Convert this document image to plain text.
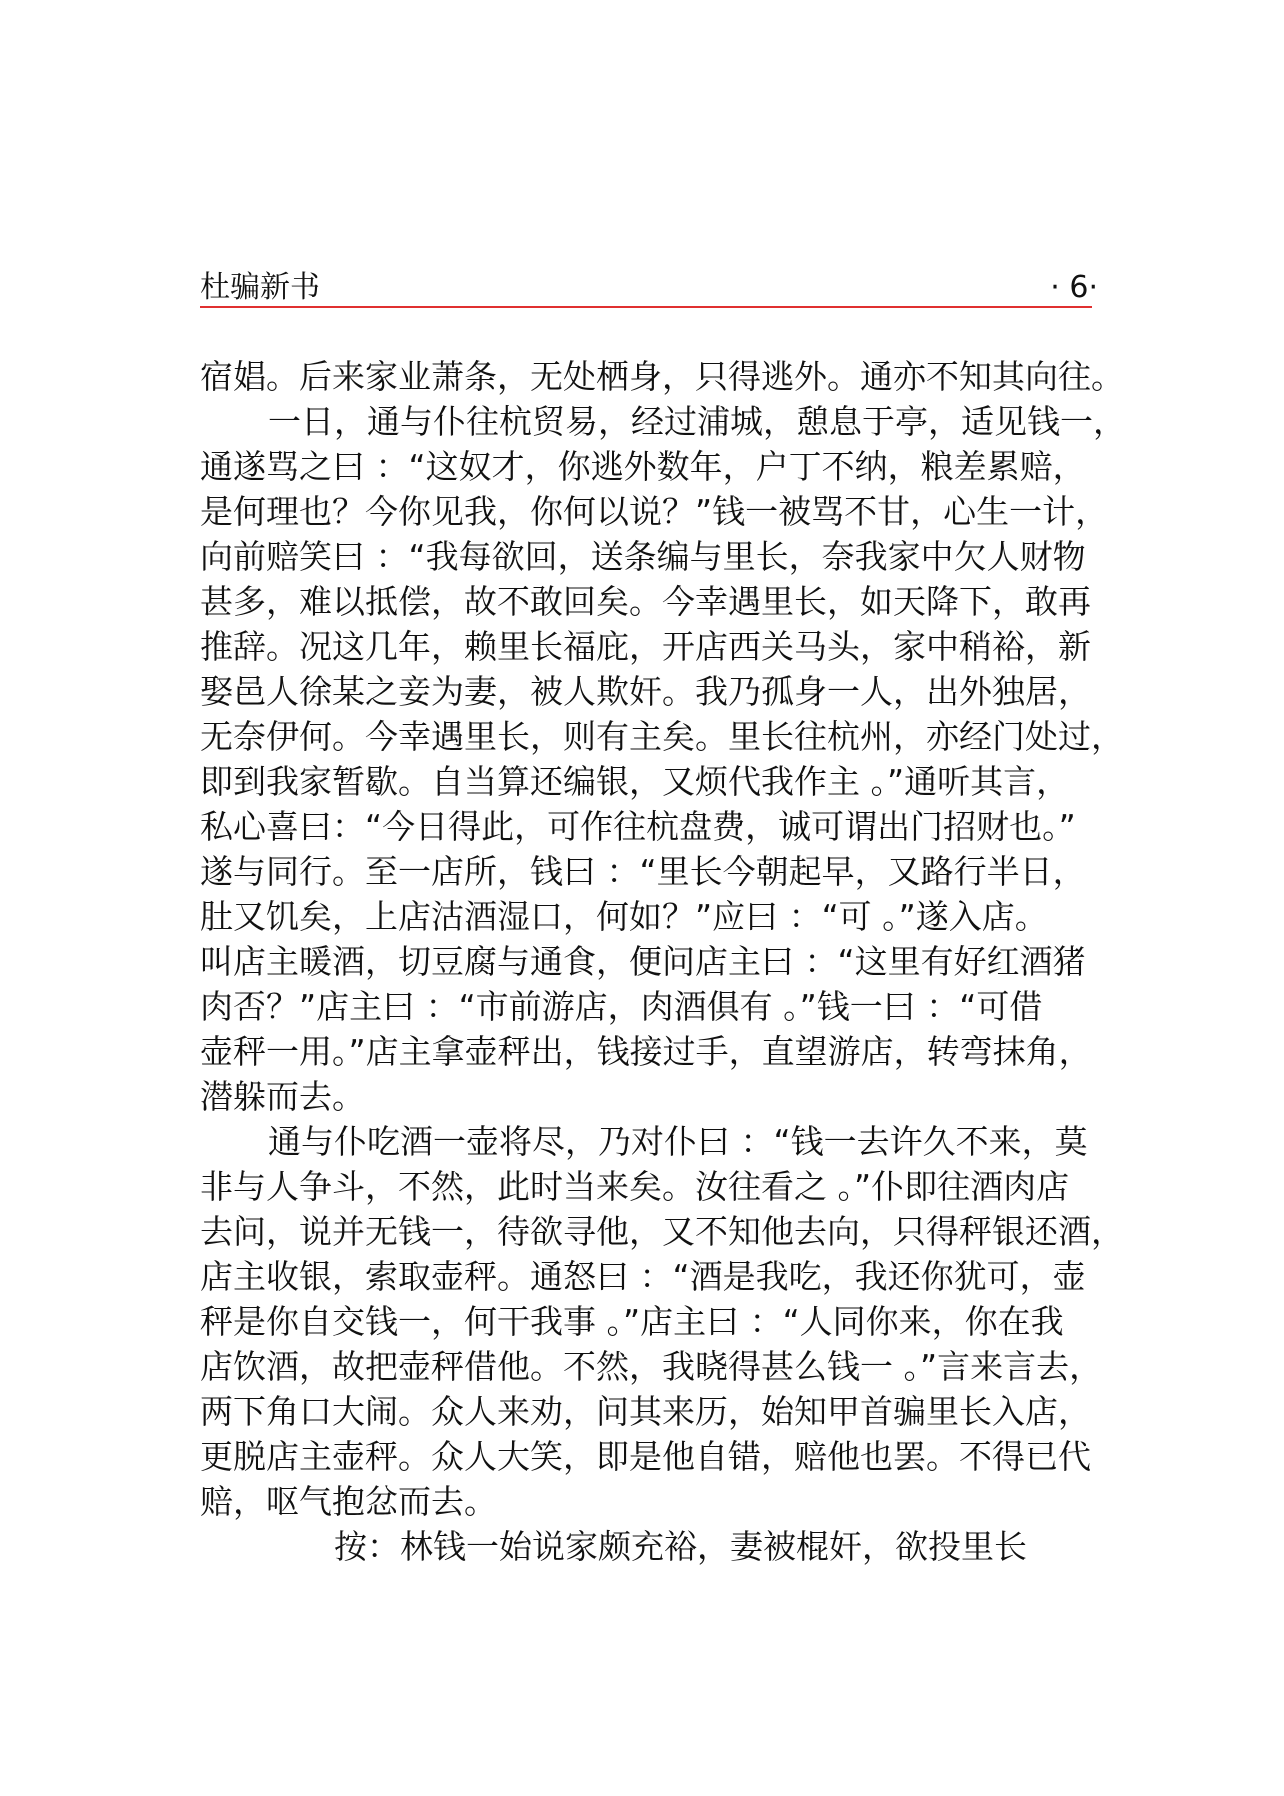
杜骗新书	· 6·
宿娼。后来家业萧条，无处栖身，只得逃外。通亦不知其向往。
一日，通与仆往杭贸易，经过浦城，憩息于亭，适见钱一，
通遂骂之曰 ：“这奴才，你逃外数年，户丁不纳，粮差累赔，
是何理也？今你见我，你何以说？”钱一被骂不甘，心生一计，
向前赔笑曰 ：“我每欲回，送条编与里长，奈我家中欠人财物
甚多，难以抵偿，故不敢回矣。今幸遇里长，如天降下，敢再
推辞。况这几年，赖里长福庇，开店西关马头，家中稍裕，新
娶邑人徐某之妾为妻，被人欺奸。我乃孤身一人，出外独居，
无奈伊何。今幸遇里长，则有主矣。里长往杭州，亦经门处过，
即到我家暂歇。自当算还编银，又烦代我作主 。”通听其言，
私心喜曰：“今日得此，可作往杭盘费，诚可谓出门招财也。”
遂与同行。至一店所，钱曰 ：“里长今朝起早，又路行半日，
肚又饥矣，上店沽酒湿口，何如？”应曰 ：“可 。”遂入店。
叫店主暖酒，切豆腐与通食，便问店主曰 ：“这里有好红酒猪
肉否？”店主曰 ：“市前游店，肉酒俱有 。”钱一曰 ：“可借
壶秤一用。”店主拿壶秤出，钱接过手，直望游店，转弯抹角，
潜躲而去。
通与仆吃酒一壶将尽，乃对仆曰 ：“钱一去许久不来，莫
非与人争斗，不然，此时当来矣。汝往看之 。”仆即往酒肉店
去问，说并无钱一，待欲寻他，又不知他去向，只得秤银还酒，
店主收银，索取壶秤。通怒曰 ：“酒是我吃，我还你犹可，壶
秤是你自交钱一，何干我事 。”店主曰 ：“人同你来，你在我
店饮酒，故把壶秤借他。不然，我晓得甚么钱一 。”言来言去，
两下角口大闹。众人来劝，问其来历，始知甲首骗里长入店，
更脱店主壶秤。众人大笑，即是他自错，赔他也罢。不得已代
赔，呕气抱忿而去。
按：林钱一始说家颇充裕，妻被棍奸，欲投里长
